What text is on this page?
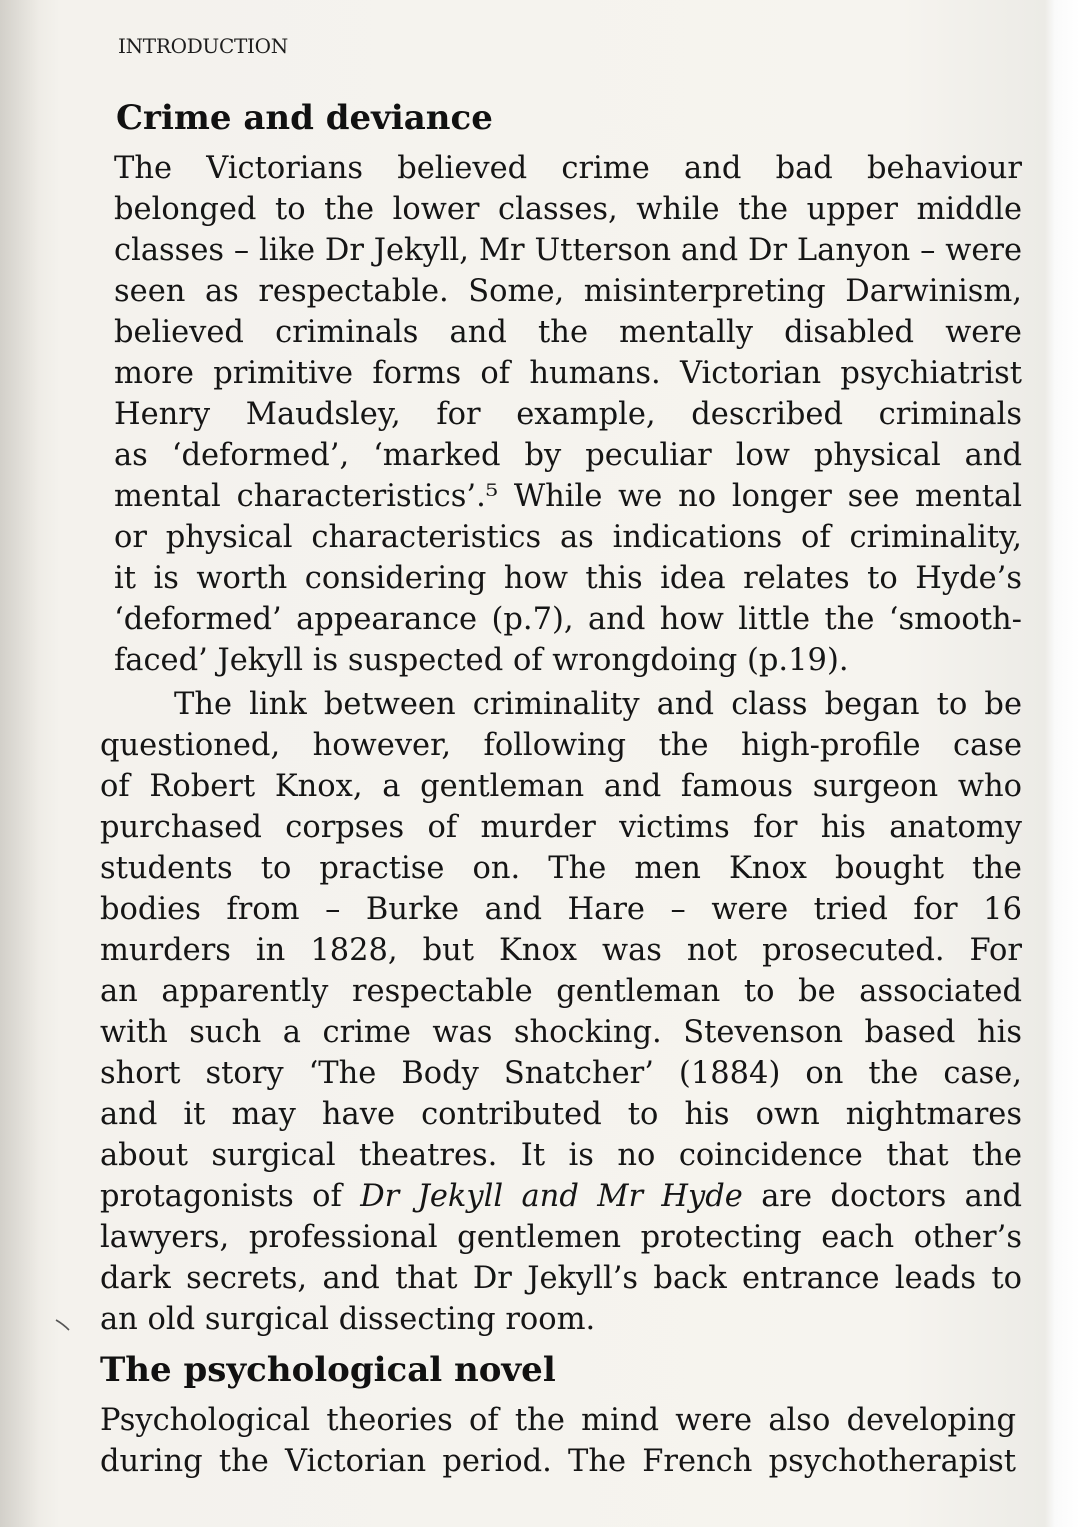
INTRODUCTION
Crime and deviance
The Victorians believed crime and bad behaviour
belonged to the lower classes, while the upper middle
classes – like Dr Jekyll, Mr Utterson and Dr Lanyon – were
seen as respectable. Some, misinterpreting Darwinism,
believed criminals and the mentally disabled were
more primitive forms of humans. Victorian psychiatrist
Henry Maudsley, for example, described criminals
as ‘deformed’, ‘marked by peculiar low physical and
mental characteristics’.⁵ While we no longer see mental
or physical characteristics as indications of criminality,
it is worth considering how this idea relates to Hyde’s
‘deformed’ appearance (p.7), and how little the ‘smooth-
faced’ Jekyll is suspected of wrongdoing (p.19).
The link between criminality and class began to be
questioned, however, following the high-profile case
of Robert Knox, a gentleman and famous surgeon who
purchased corpses of murder victims for his anatomy
students to practise on. The men Knox bought the
bodies from – Burke and Hare – were tried for 16
murders in 1828, but Knox was not prosecuted. For
an apparently respectable gentleman to be associated
with such a crime was shocking. Stevenson based his
short story ‘The Body Snatcher’ (1884) on the case,
and it may have contributed to his own nightmares
about surgical theatres. It is no coincidence that the
protagonists of Dr Jekyll and Mr Hyde are doctors and
lawyers, professional gentlemen protecting each other’s
dark secrets, and that Dr Jekyll’s back entrance leads to
an old surgical dissecting room.
The psychological novel
Psychological theories of the mind were also developing
during the Victorian period. The French psychotherapist
